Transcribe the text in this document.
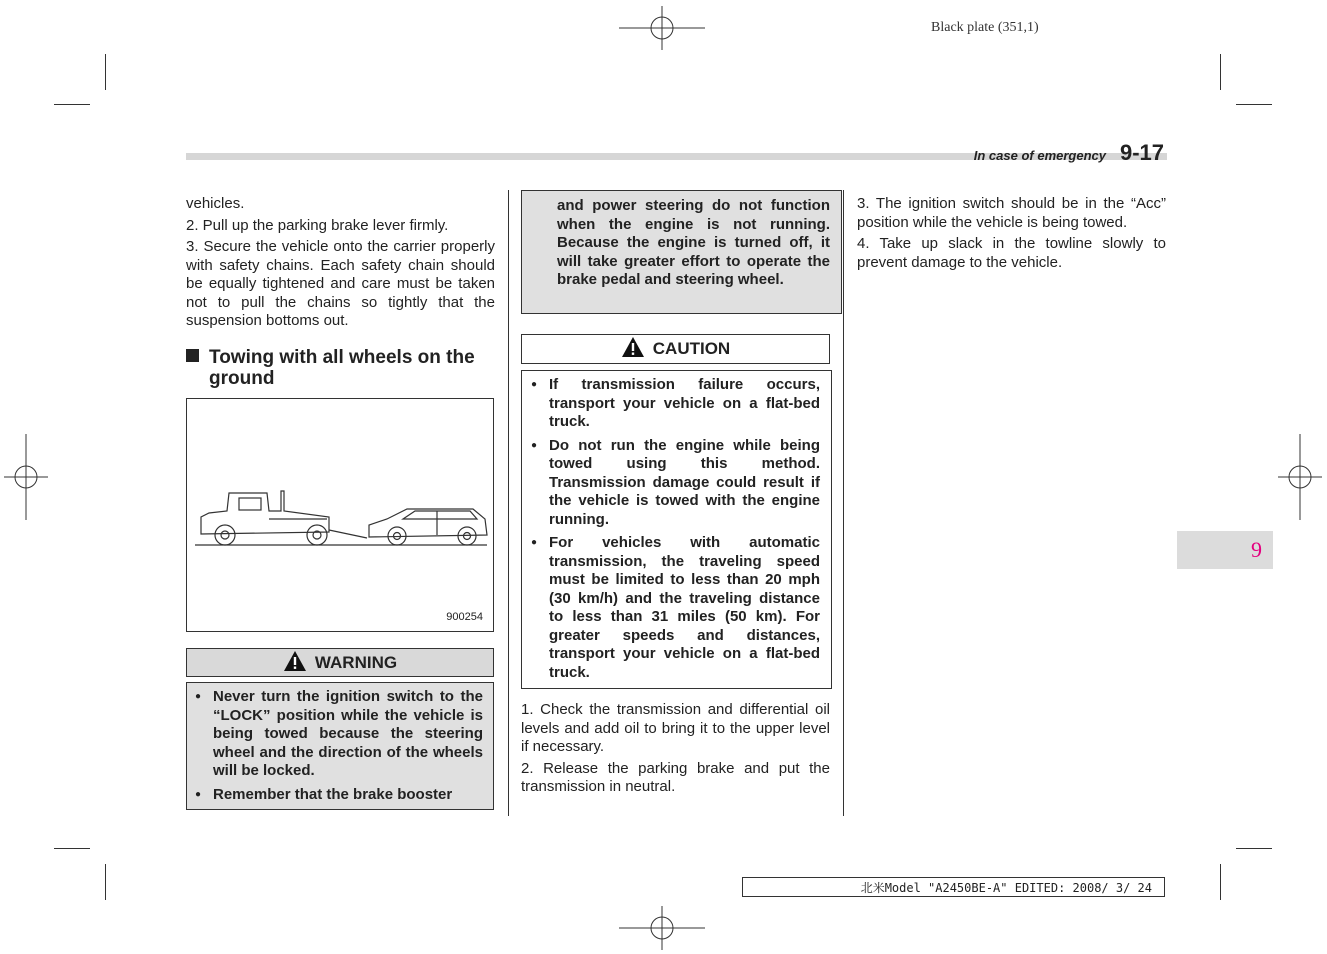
Black plate (351,1)
In case of emergency 9-17

vehicles.

2. Pull up the parking brake lever firmly.

3. Secure the vehicle onto the carrier properly with safety chains. Each safety chain should be equally tightened and care must be taken not to pull the chains so tightly that the suspension bottoms out.

Towing with all wheels on the ground
900254
WARNING
● Never turn the ignition switch to the “LOCK” position while the vehicle is being towed because the steering wheel and the direction of the wheels will be locked.
● Remember that the brake booster
and power steering do not function when the engine is not running. Because the engine is turned off, it will take greater effort to operate the brake pedal and steering wheel.
CAUTION
● If transmission failure occurs, transport your vehicle on a flat-bed truck.
● Do not run the engine while being towed using this method. Transmission damage could result if the vehicle is towed with the engine running.
● For vehicles with automatic transmission, the traveling speed must be limited to less than 20 mph (30 km/h) and the traveling distance to less than 31 miles (50 km). For greater speeds and distances, transport your vehicle on a flat-bed truck.

1. Check the transmission and differential oil levels and add oil to bring it to the upper level if necessary.

2. Release the parking brake and put the transmission in neutral.

3. The ignition switch should be in the “Acc” position while the vehicle is being towed.

4. Take up slack in the towline slowly to prevent damage to the vehicle.

9
北米Model "A2450BE-A" EDITED: 2008/ 3/ 24
